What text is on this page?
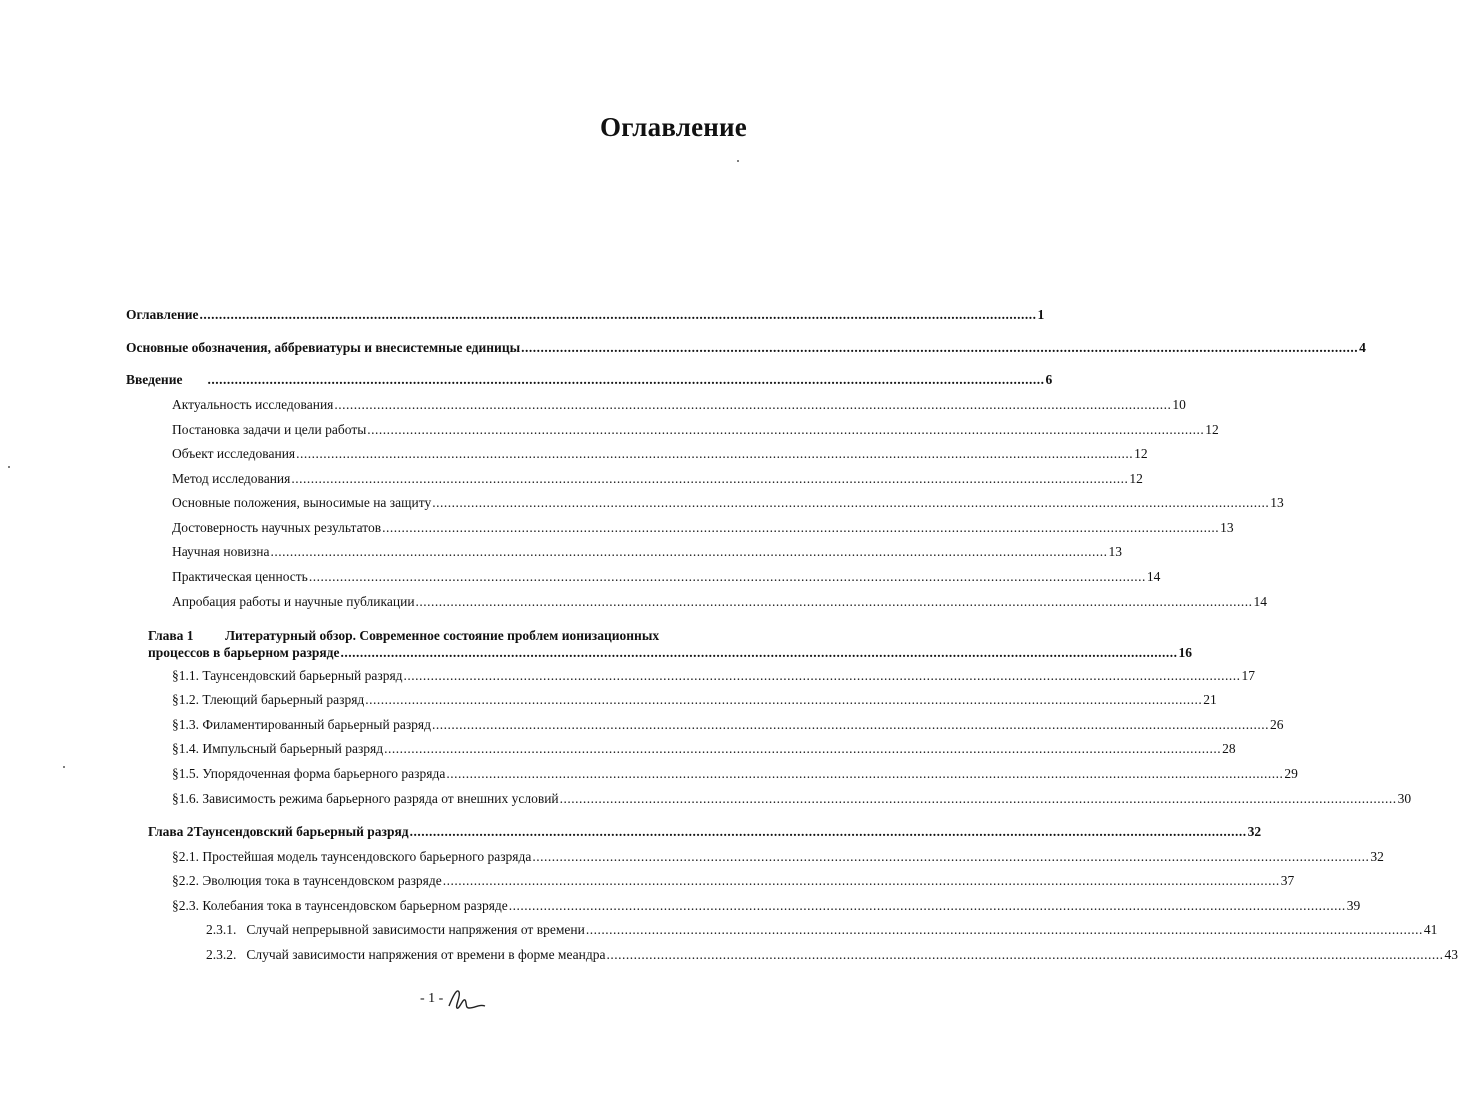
Оглавление
Оглавление ........................................................................................................................................................................................................................ 1
Основные обозначения, аббревиатуры и внесистемные единицы ........................................................................................................................................................................................................................ 4
Введение ........................................................................................................................................................................................................................ 6
Актуальность исследования ........................................................................................................................................................................................................................ 10
Постановка задачи и цели работы ........................................................................................................................................................................................................................ 12
Объект исследования ........................................................................................................................................................................................................................ 12
Метод исследования ........................................................................................................................................................................................................................ 12
Основные положения, выносимые на защиту ........................................................................................................................................................................................................................ 13
Достоверность научных результатов ........................................................................................................................................................................................................................ 13
Научная новизна ........................................................................................................................................................................................................................ 13
Практическая ценность ........................................................................................................................................................................................................................ 14
Апробация работы и научные публикации ........................................................................................................................................................................................................................ 14
Глава 1	Литературный обзор. Современное состояние проблем ионизационных
процессов в барьерном разряде ........................................................................................................................................................................................................................ 16
§1.1. Таунсендовский барьерный разряд ........................................................................................................................................................................................................................ 17
§1.2. Тлеющий барьерный разряд ........................................................................................................................................................................................................................ 21
§1.3. Филаментированный барьерный разряд ........................................................................................................................................................................................................................ 26
§1.4. Импульсный барьерный разряд ........................................................................................................................................................................................................................ 28
§1.5. Упорядоченная форма барьерного разряда ........................................................................................................................................................................................................................ 29
§1.6. Зависимость режима барьерного разряда от внешних условий ........................................................................................................................................................................................................................ 30
Глава 2 Таунсендовский барьерный разряд ........................................................................................................................................................................................................................ 32
§2.1. Простейшая модель таунсендовского барьерного разряда ........................................................................................................................................................................................................................ 32
§2.2. Эволюция тока в таунсендовском разряде ........................................................................................................................................................................................................................ 37
§2.3. Колебания тока в таунсендовском барьерном разряде ........................................................................................................................................................................................................................ 39
2.3.1. Случай непрерывной зависимости напряжения от времени ........................................................................................................................................................................................................................ 41
2.3.2. Случай зависимости напряжения от времени в форме меандра ........................................................................................................................................................................................................................ 43
- 1 -
